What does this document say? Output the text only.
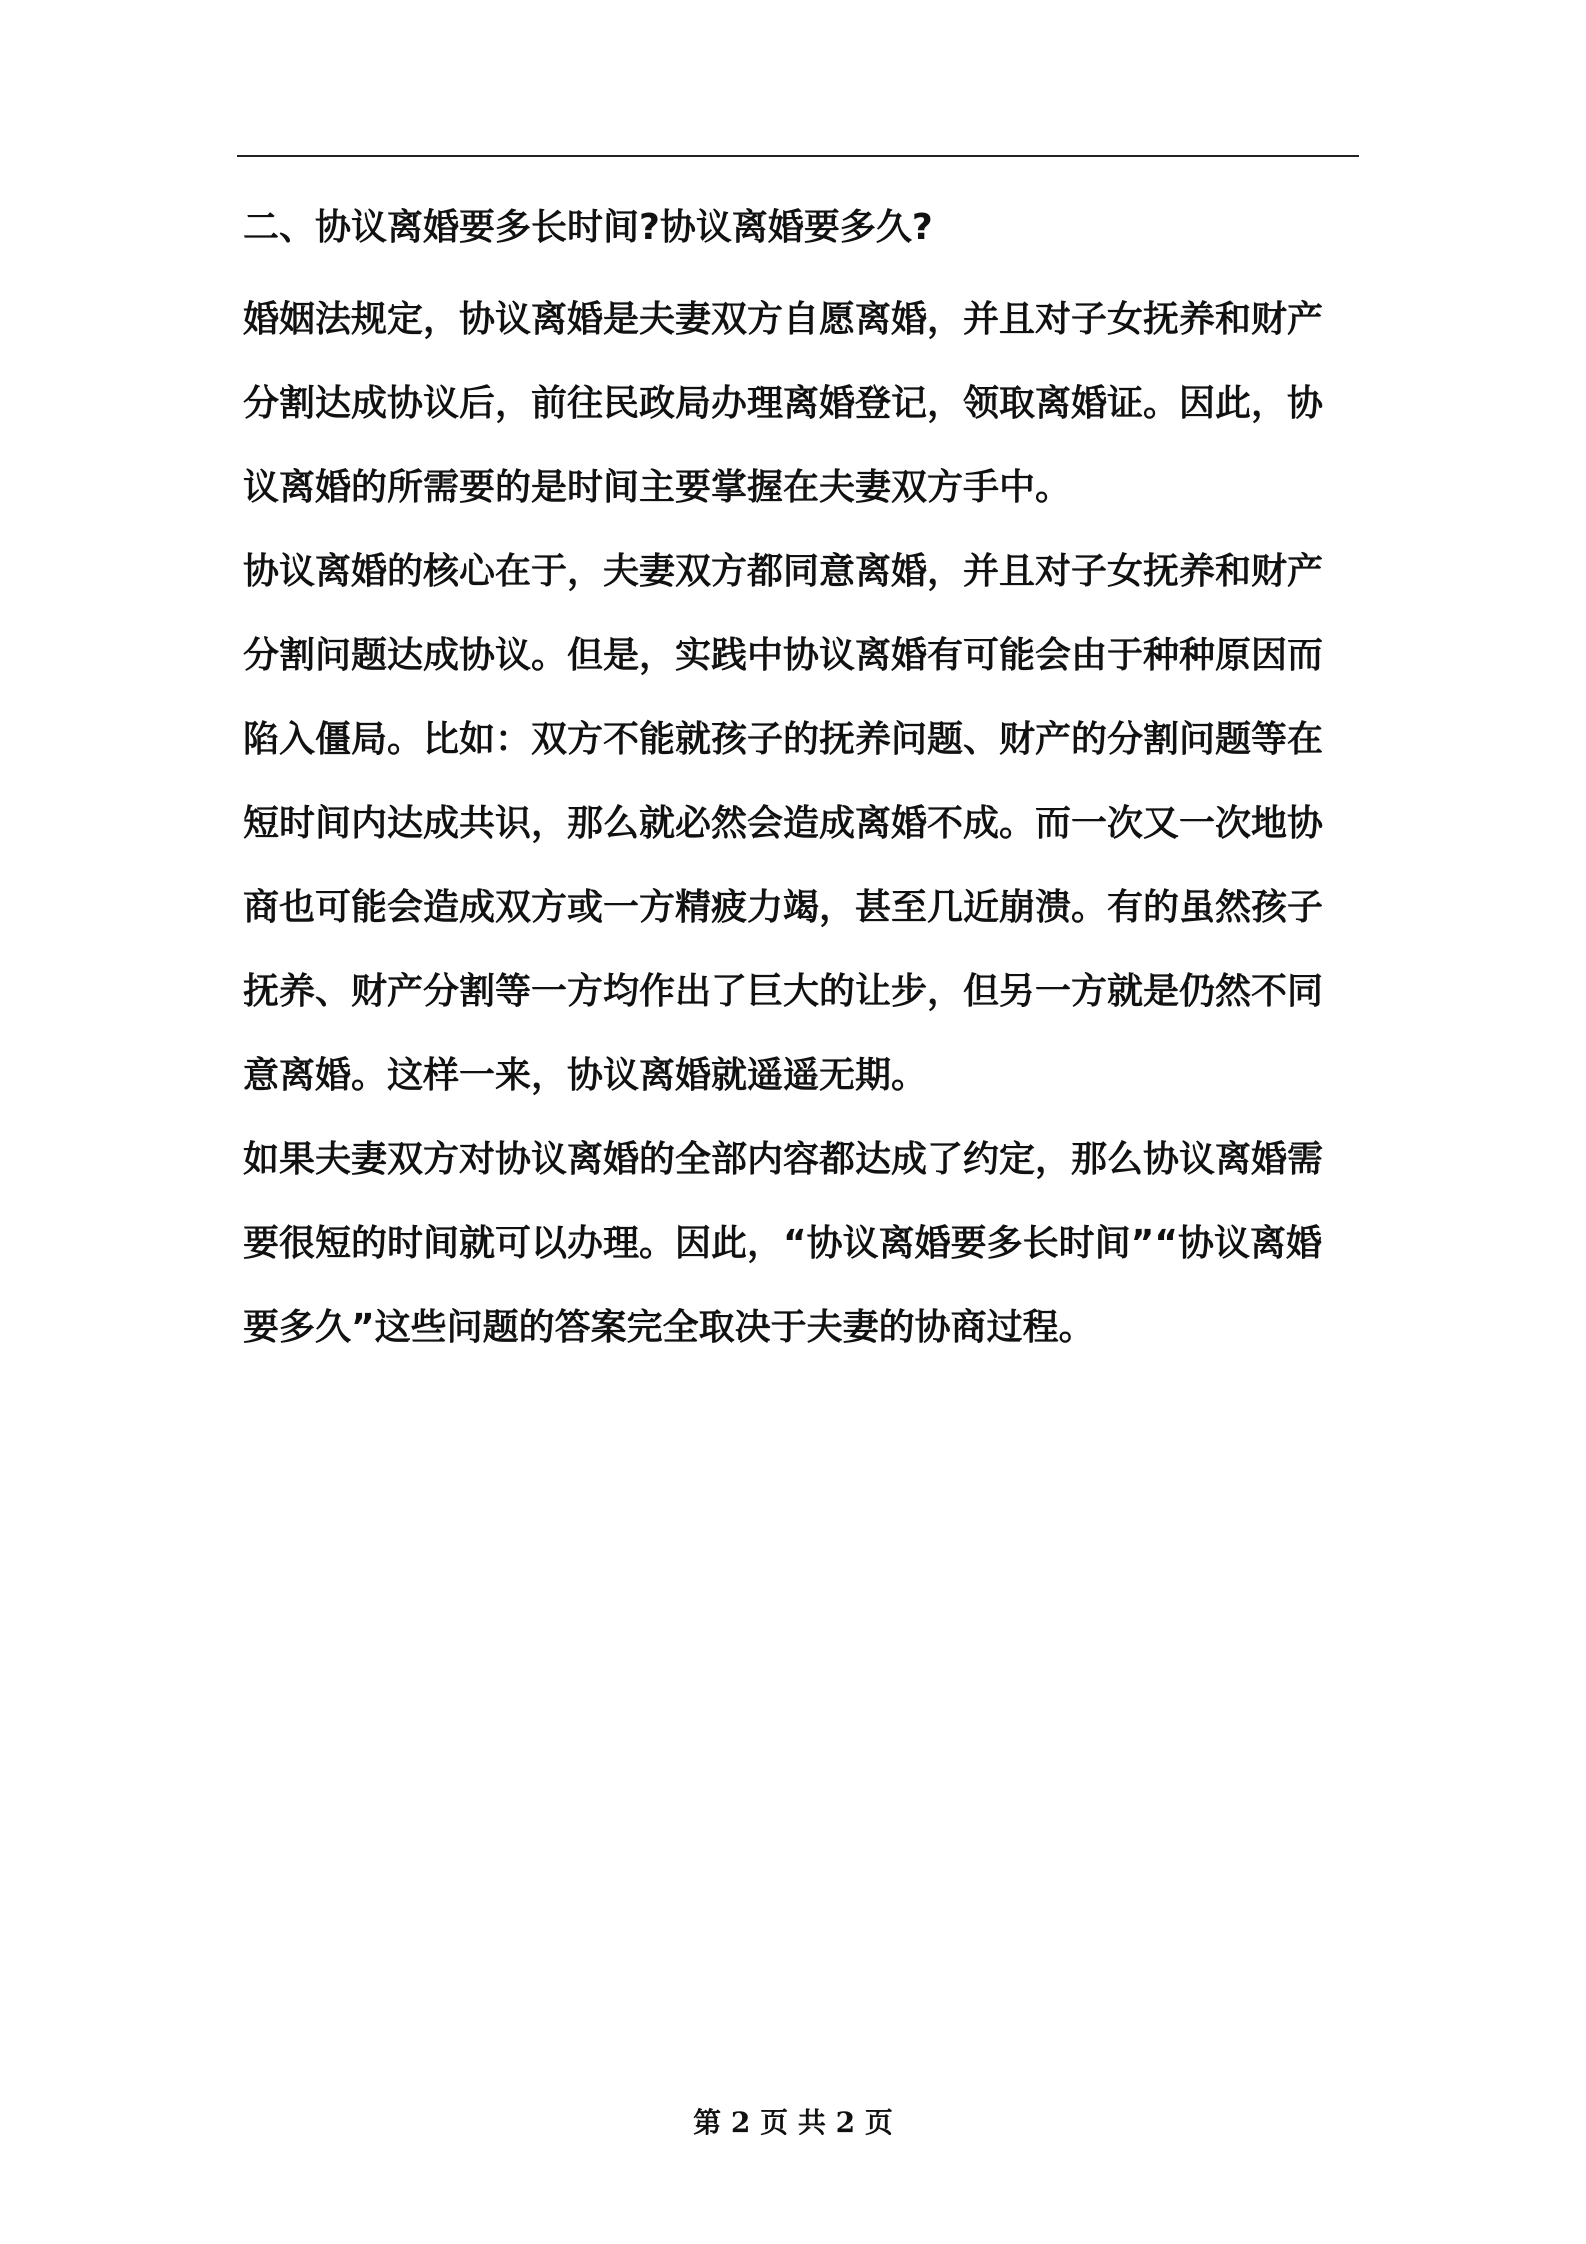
二、协议离婚要多长时间?协议离婚要多久?

婚姻法规定，协议离婚是夫妻双方自愿离婚，并且对子女抚养和财产
分割达成协议后，前往民政局办理离婚登记，领取离婚证。因此，协
议离婚的所需要的是时间主要掌握在夫妻双方手中。

协议离婚的核心在于，夫妻双方都同意离婚，并且对子女抚养和财产
分割问题达成协议。但是，实践中协议离婚有可能会由于种种原因而
陷入僵局。比如：双方不能就孩子的抚养问题、财产的分割问题等在
短时间内达成共识，那么就必然会造成离婚不成。而一次又一次地协
商也可能会造成双方或一方精疲力竭，甚至几近崩溃。有的虽然孩子
抚养、财产分割等一方均作出了巨大的让步，但另一方就是仍然不同
意离婚。这样一来，协议离婚就遥遥无期。

如果夫妻双方对协议离婚的全部内容都达成了约定，那么协议离婚需
要很短的时间就可以办理。因此，“协议离婚要多长时间”“协议离婚
要多久”这些问题的答案完全取决于夫妻的协商过程。

第 2 页 共 2 页
